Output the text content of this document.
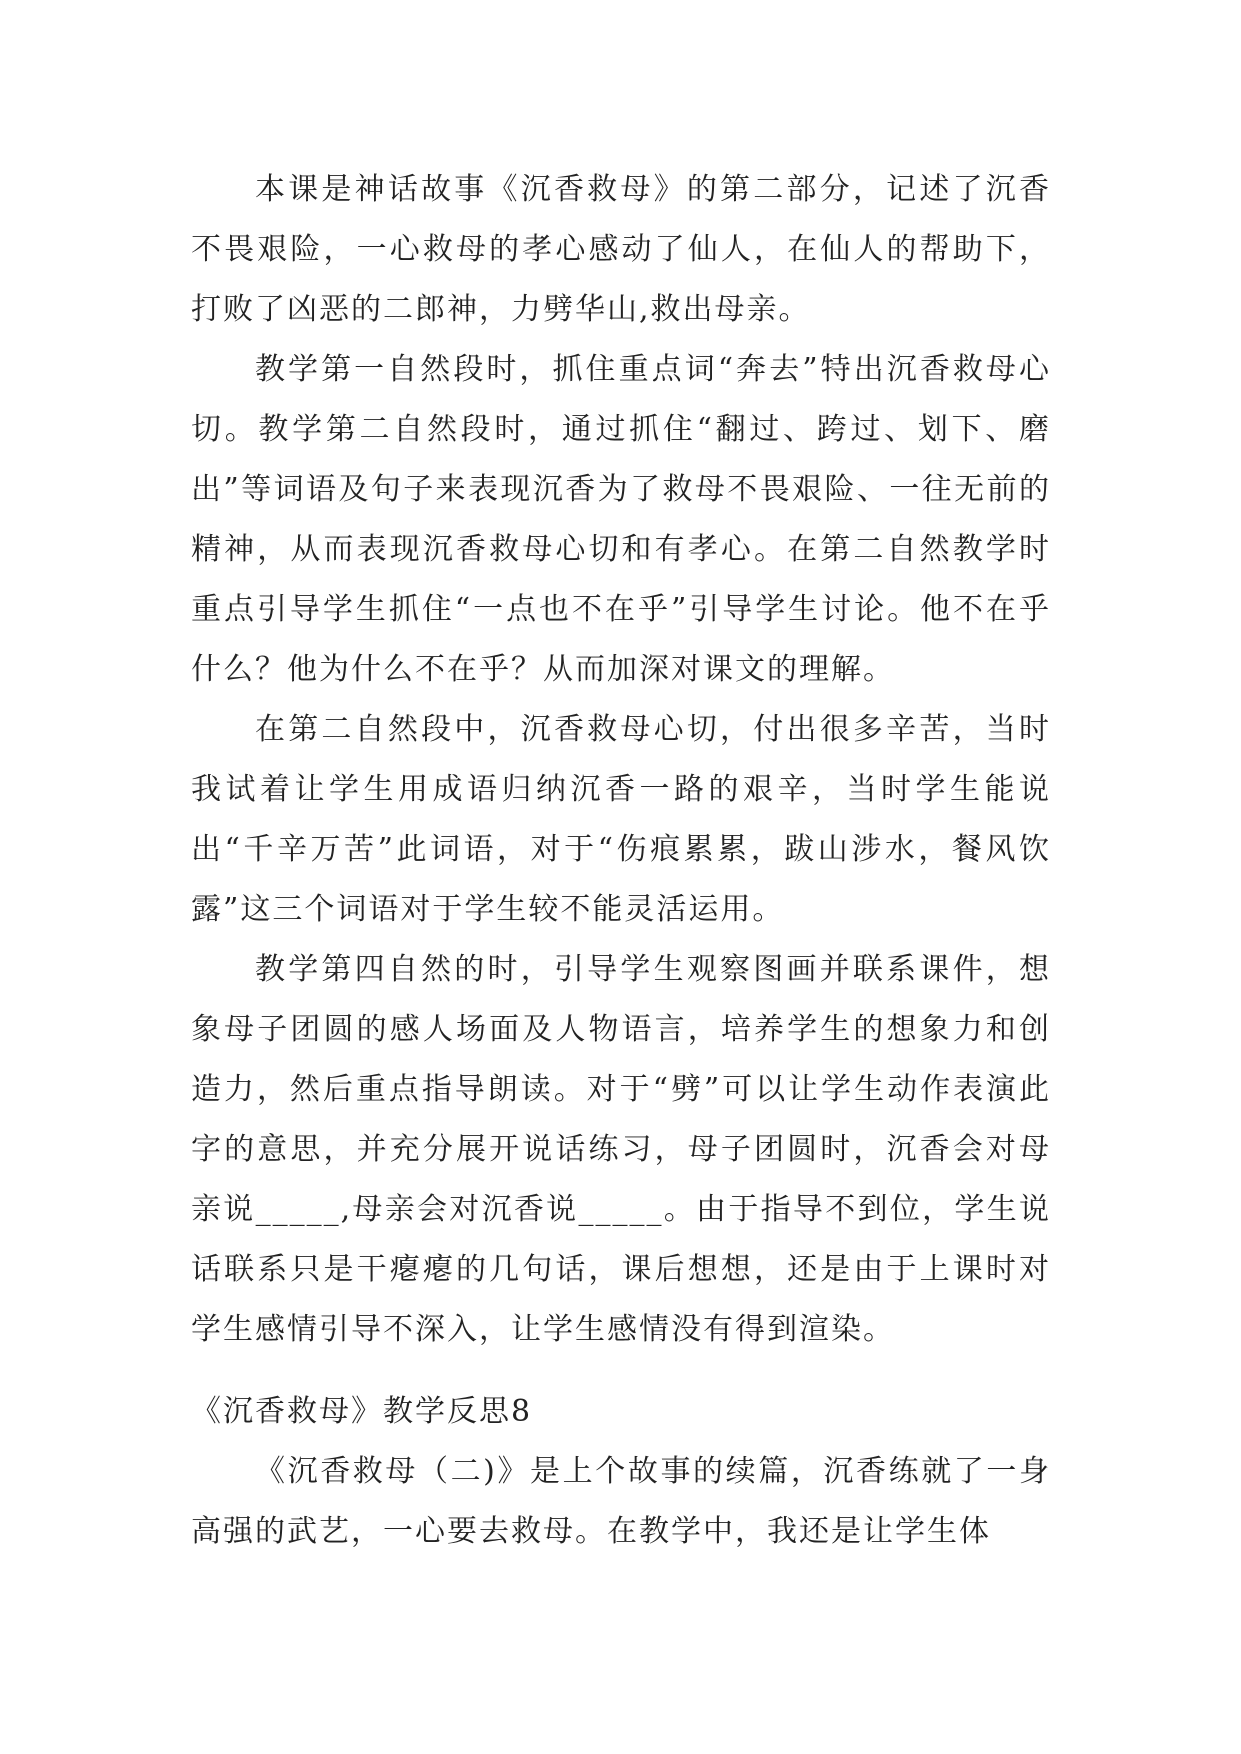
本课是神话故事《沉香救母》的第二部分，记述了沉香不畏艰险，一心救母的孝心感动了仙人，在仙人的帮助下，打败了凶恶的二郎神，力劈华山,救出母亲。

教学第一自然段时，抓住重点词“奔去”特出沉香救母心切。教学第二自然段时，通过抓住“翻过、跨过、划下、磨出”等词语及句子来表现沉香为了救母不畏艰险、一往无前的精神，从而表现沉香救母心切和有孝心。在第二自然教学时重点引导学生抓住“一点也不在乎”引导学生讨论。他不在乎什么？他为什么不在乎？从而加深对课文的理解。

在第二自然段中，沉香救母心切，付出很多辛苦，当时我试着让学生用成语归纳沉香一路的艰辛，当时学生能说出“千辛万苦”此词语，对于“伤痕累累，跋山涉水，餐风饮露”这三个词语对于学生较不能灵活运用。

教学第四自然的时，引导学生观察图画并联系课件，想象母子团圆的感人场面及人物语言，培养学生的想象力和创造力，然后重点指导朗读。对于“劈”可以让学生动作表演此字的意思，并充分展开说话练习，母子团圆时，沉香会对母亲说_____,母亲会对沉香说_____。由于指导不到位，学生说话联系只是干瘪瘪的几句话，课后想想，还是由于上课时对学生感情引导不深入，让学生感情没有得到渲染。

《沉香救母》教学反思8

《沉香救母（二)》是上个故事的续篇，沉香练就了一身高强的武艺，一心要去救母。在教学中，我还是让学生体
